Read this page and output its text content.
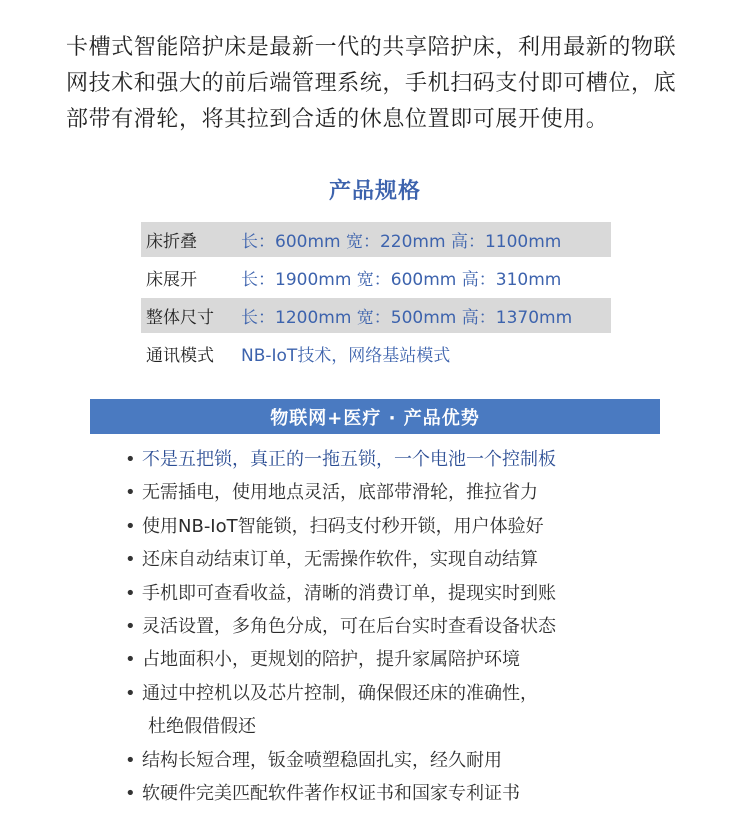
卡槽式智能陪护床是最新一代的共享陪护床，利用最新的物联网技术和强大的前后端管理系统，手机扫码支付即可槽位，底部带有滑轮，将其拉到合适的休息位置即可展开使用。
产品规格
床折叠	长：600mm 宽：220mm 高：1100mm
床展开	长：1900mm 宽：600mm 高：310mm
整体尺寸	长：1200mm 宽：500mm 高：1370mm
通讯模式	NB-IoT技术，网络基站模式
物联网+医疗 · 产品优势
• 不是五把锁，真正的一拖五锁，一个电池一个控制板
• 无需插电，使用地点灵活，底部带滑轮，推拉省力
• 使用NB-IoT智能锁，扫码支付秒开锁，用户体验好
• 还床自动结束订单，无需操作软件，实现自动结算
• 手机即可查看收益，清晰的消费订单，提现实时到账
• 灵活设置，多角色分成，可在后台实时查看设备状态
• 占地面积小，更规划的陪护，提升家属陪护环境
• 通过中控机以及芯片控制，确保假还床的准确性，
杜绝假借假还
• 结构长短合理，钣金喷塑稳固扎实，经久耐用
• 软硬件完美匹配软件著作权证书和国家专利证书
